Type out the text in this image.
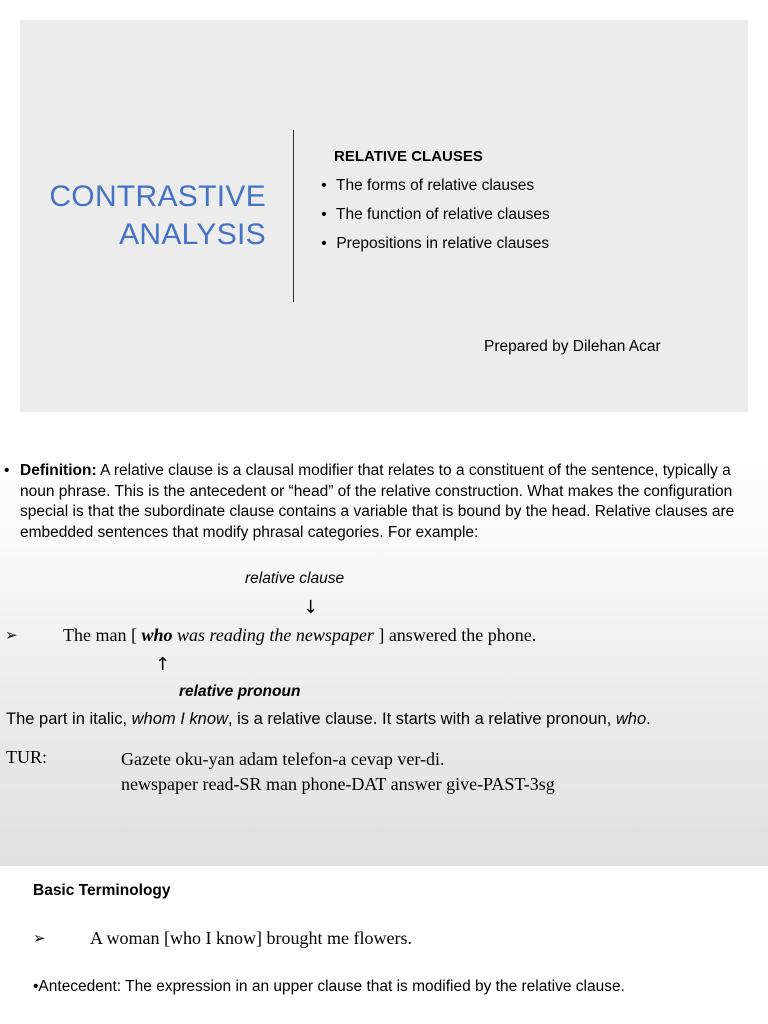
CONTRASTIVE
ANALYSIS
RELATIVE CLAUSES
• The forms of relative clauses
• The function of relative clauses
• Prepositions in relative clauses
Prepared by Dilehan Acar
• Definition: A relative clause is a clausal modifier that relates to a constituent of the sentence, typically a noun phrase. This is the antecedent or “head” of the relative construction. What makes the configuration special is that the subordinate clause contains a variable that is bound by the head. Relative clauses are embedded sentences that modify phrasal categories. For example:
relative clause
↓
➢	The man [ who was reading the newspaper ] answered the phone.
↑
relative pronoun
The part in italic, whom I know, is a relative clause. It starts with a relative pronoun, who.
TUR:	Gazete oku-yan adam telefon-a cevap ver-di.
newspaper read-SR man phone-DAT answer give-PAST-3sg
Basic Terminology
➢ A woman [who I know] brought me flowers.
•Antecedent: The expression in an upper clause that is modified by the relative clause.
